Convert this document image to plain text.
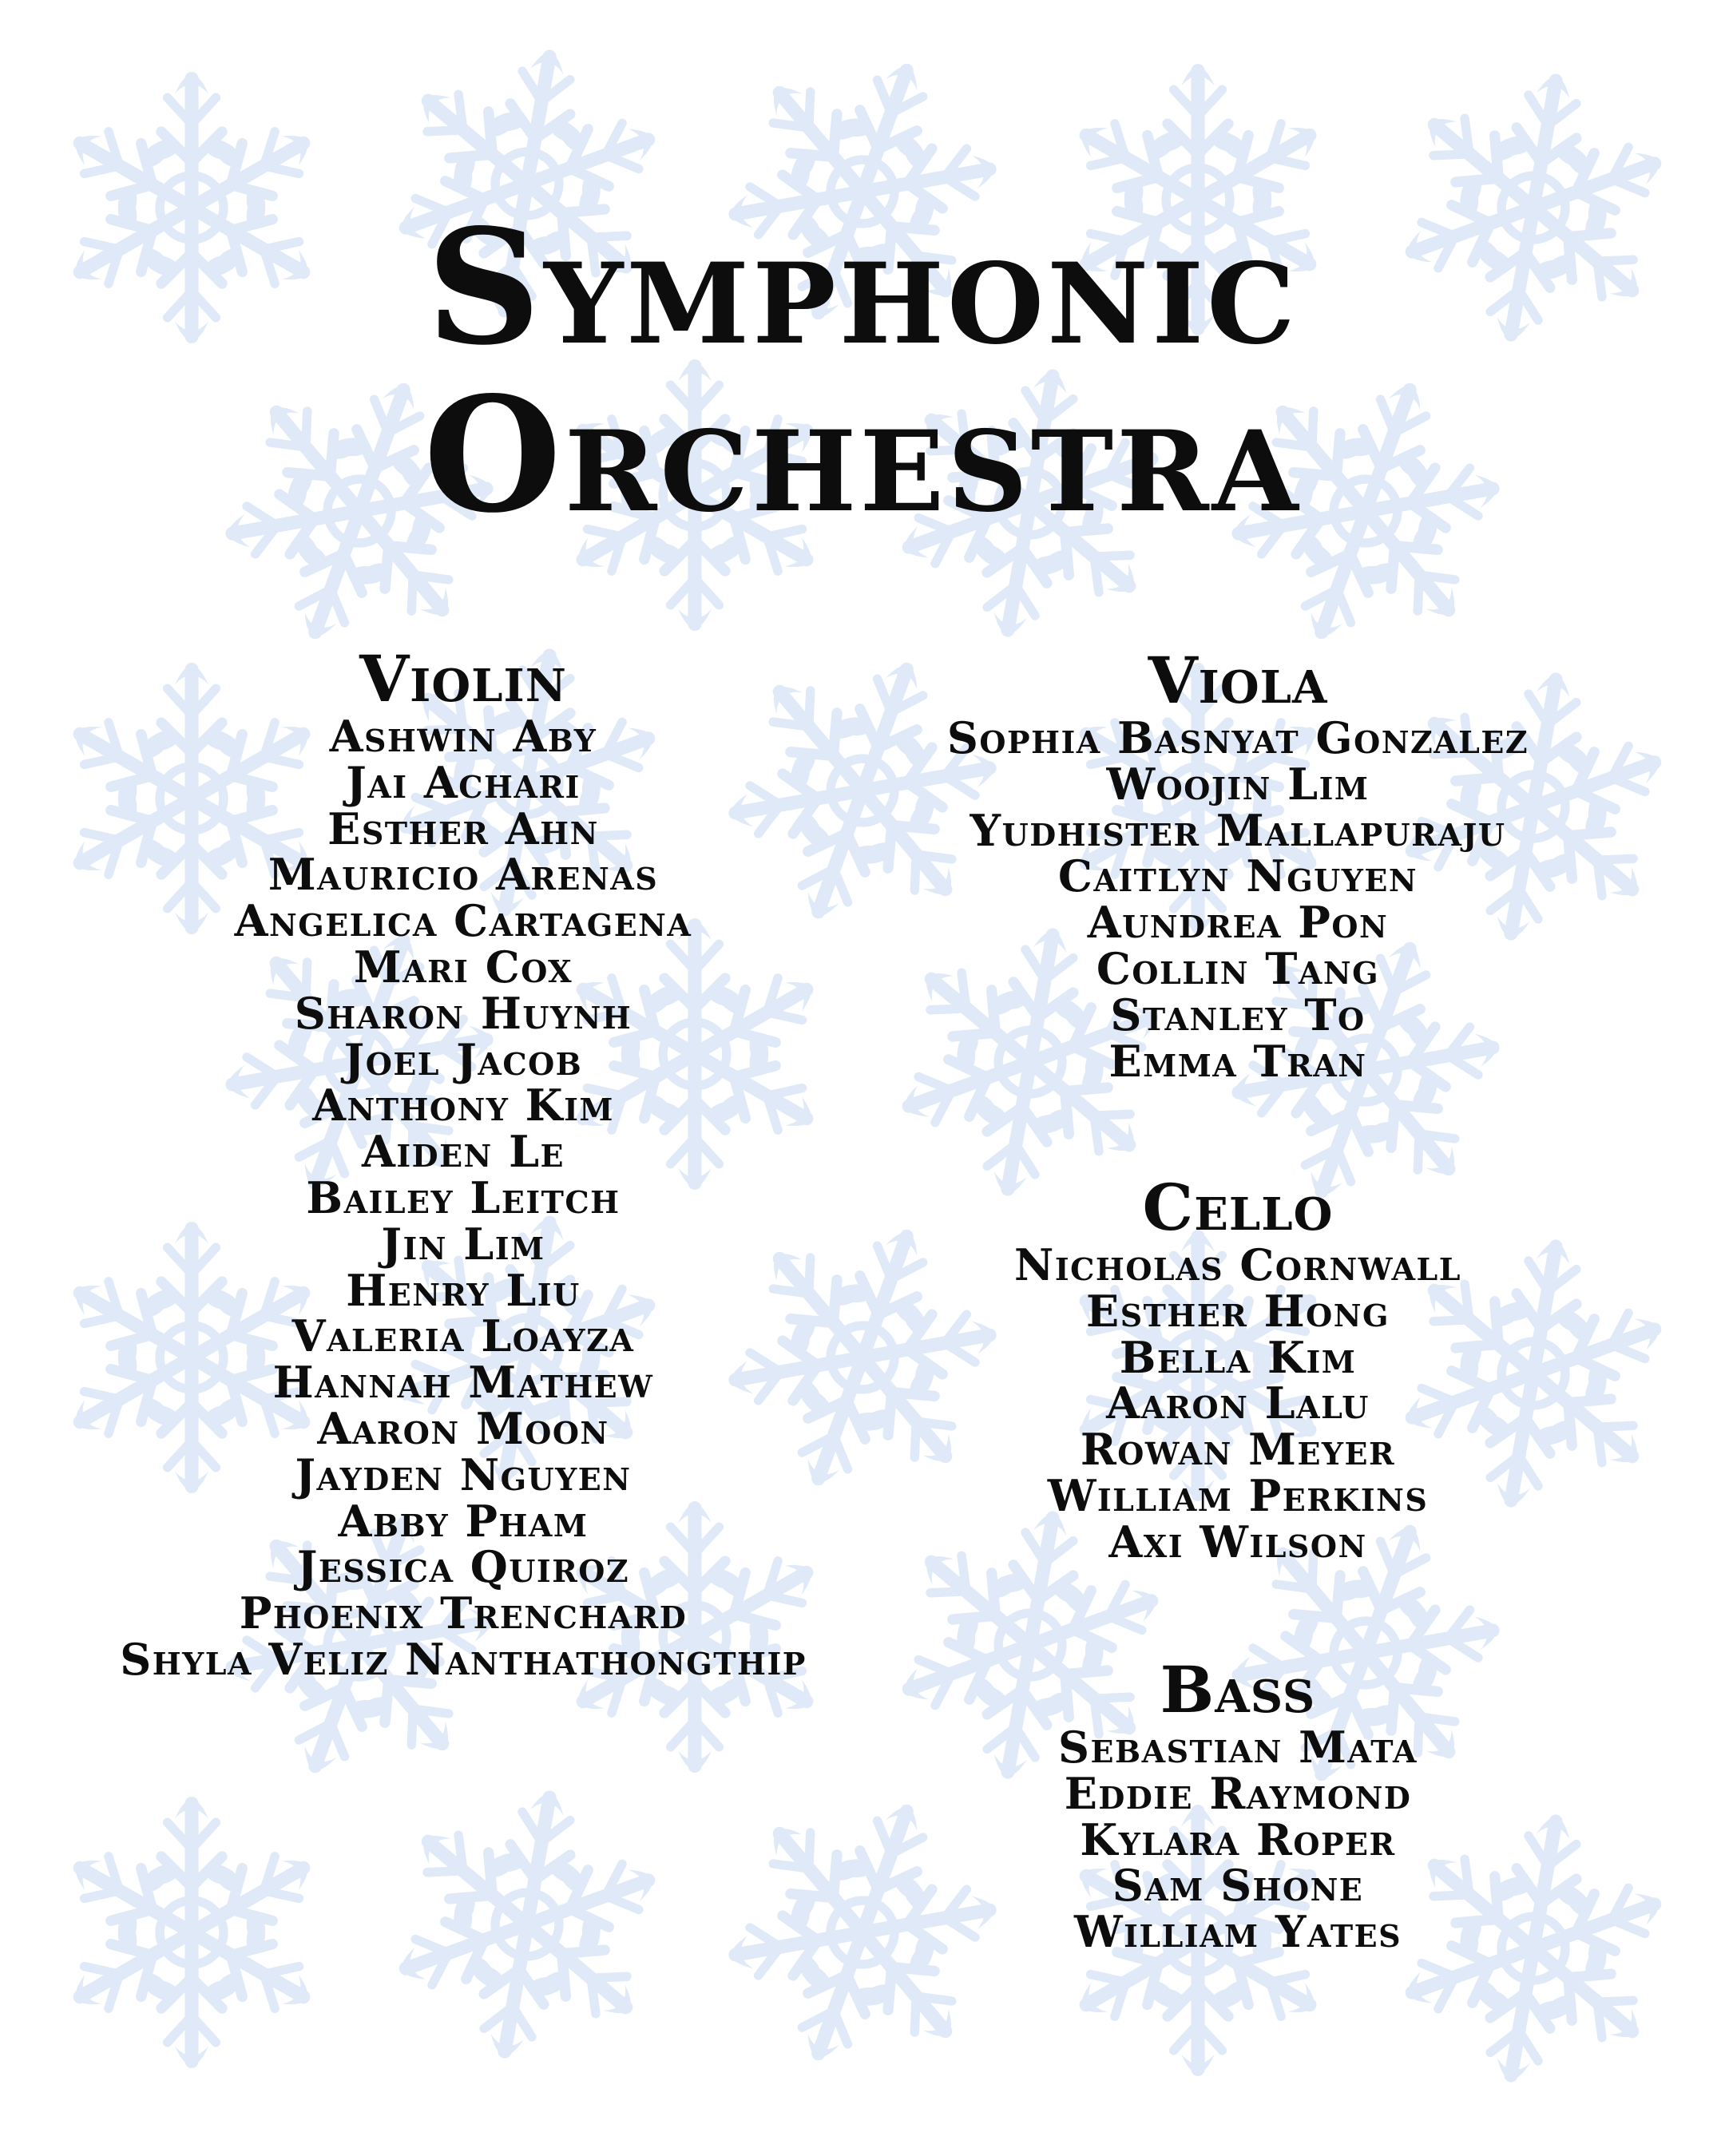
Symphonic
Orchestra
Violin
Ashwin Aby
Jai Achari
Esther Ahn
Mauricio Arenas
Angelica Cartagena
Mari Cox
Sharon Huynh
Joel Jacob
Anthony Kim
Aiden Le
Bailey Leitch
Jin Lim
Henry Liu
Valeria Loayza
Hannah Mathew
Aaron Moon
Jayden Nguyen
Abby Pham
Jessica Quiroz
Phoenix Trenchard
Shyla Veliz Nanthathongthip
Viola
Sophia Basnyat Gonzalez
Woojin Lim
Yudhister Mallapuraju
Caitlyn Nguyen
Aundrea Pon
Collin Tang
Stanley To
Emma Tran
Cello
Nicholas Cornwall
Esther Hong
Bella Kim
Aaron Lalu
Rowan Meyer
William Perkins
Axi Wilson
Bass
Sebastian Mata
Eddie Raymond
Kylara Roper
Sam Shone
William Yates
